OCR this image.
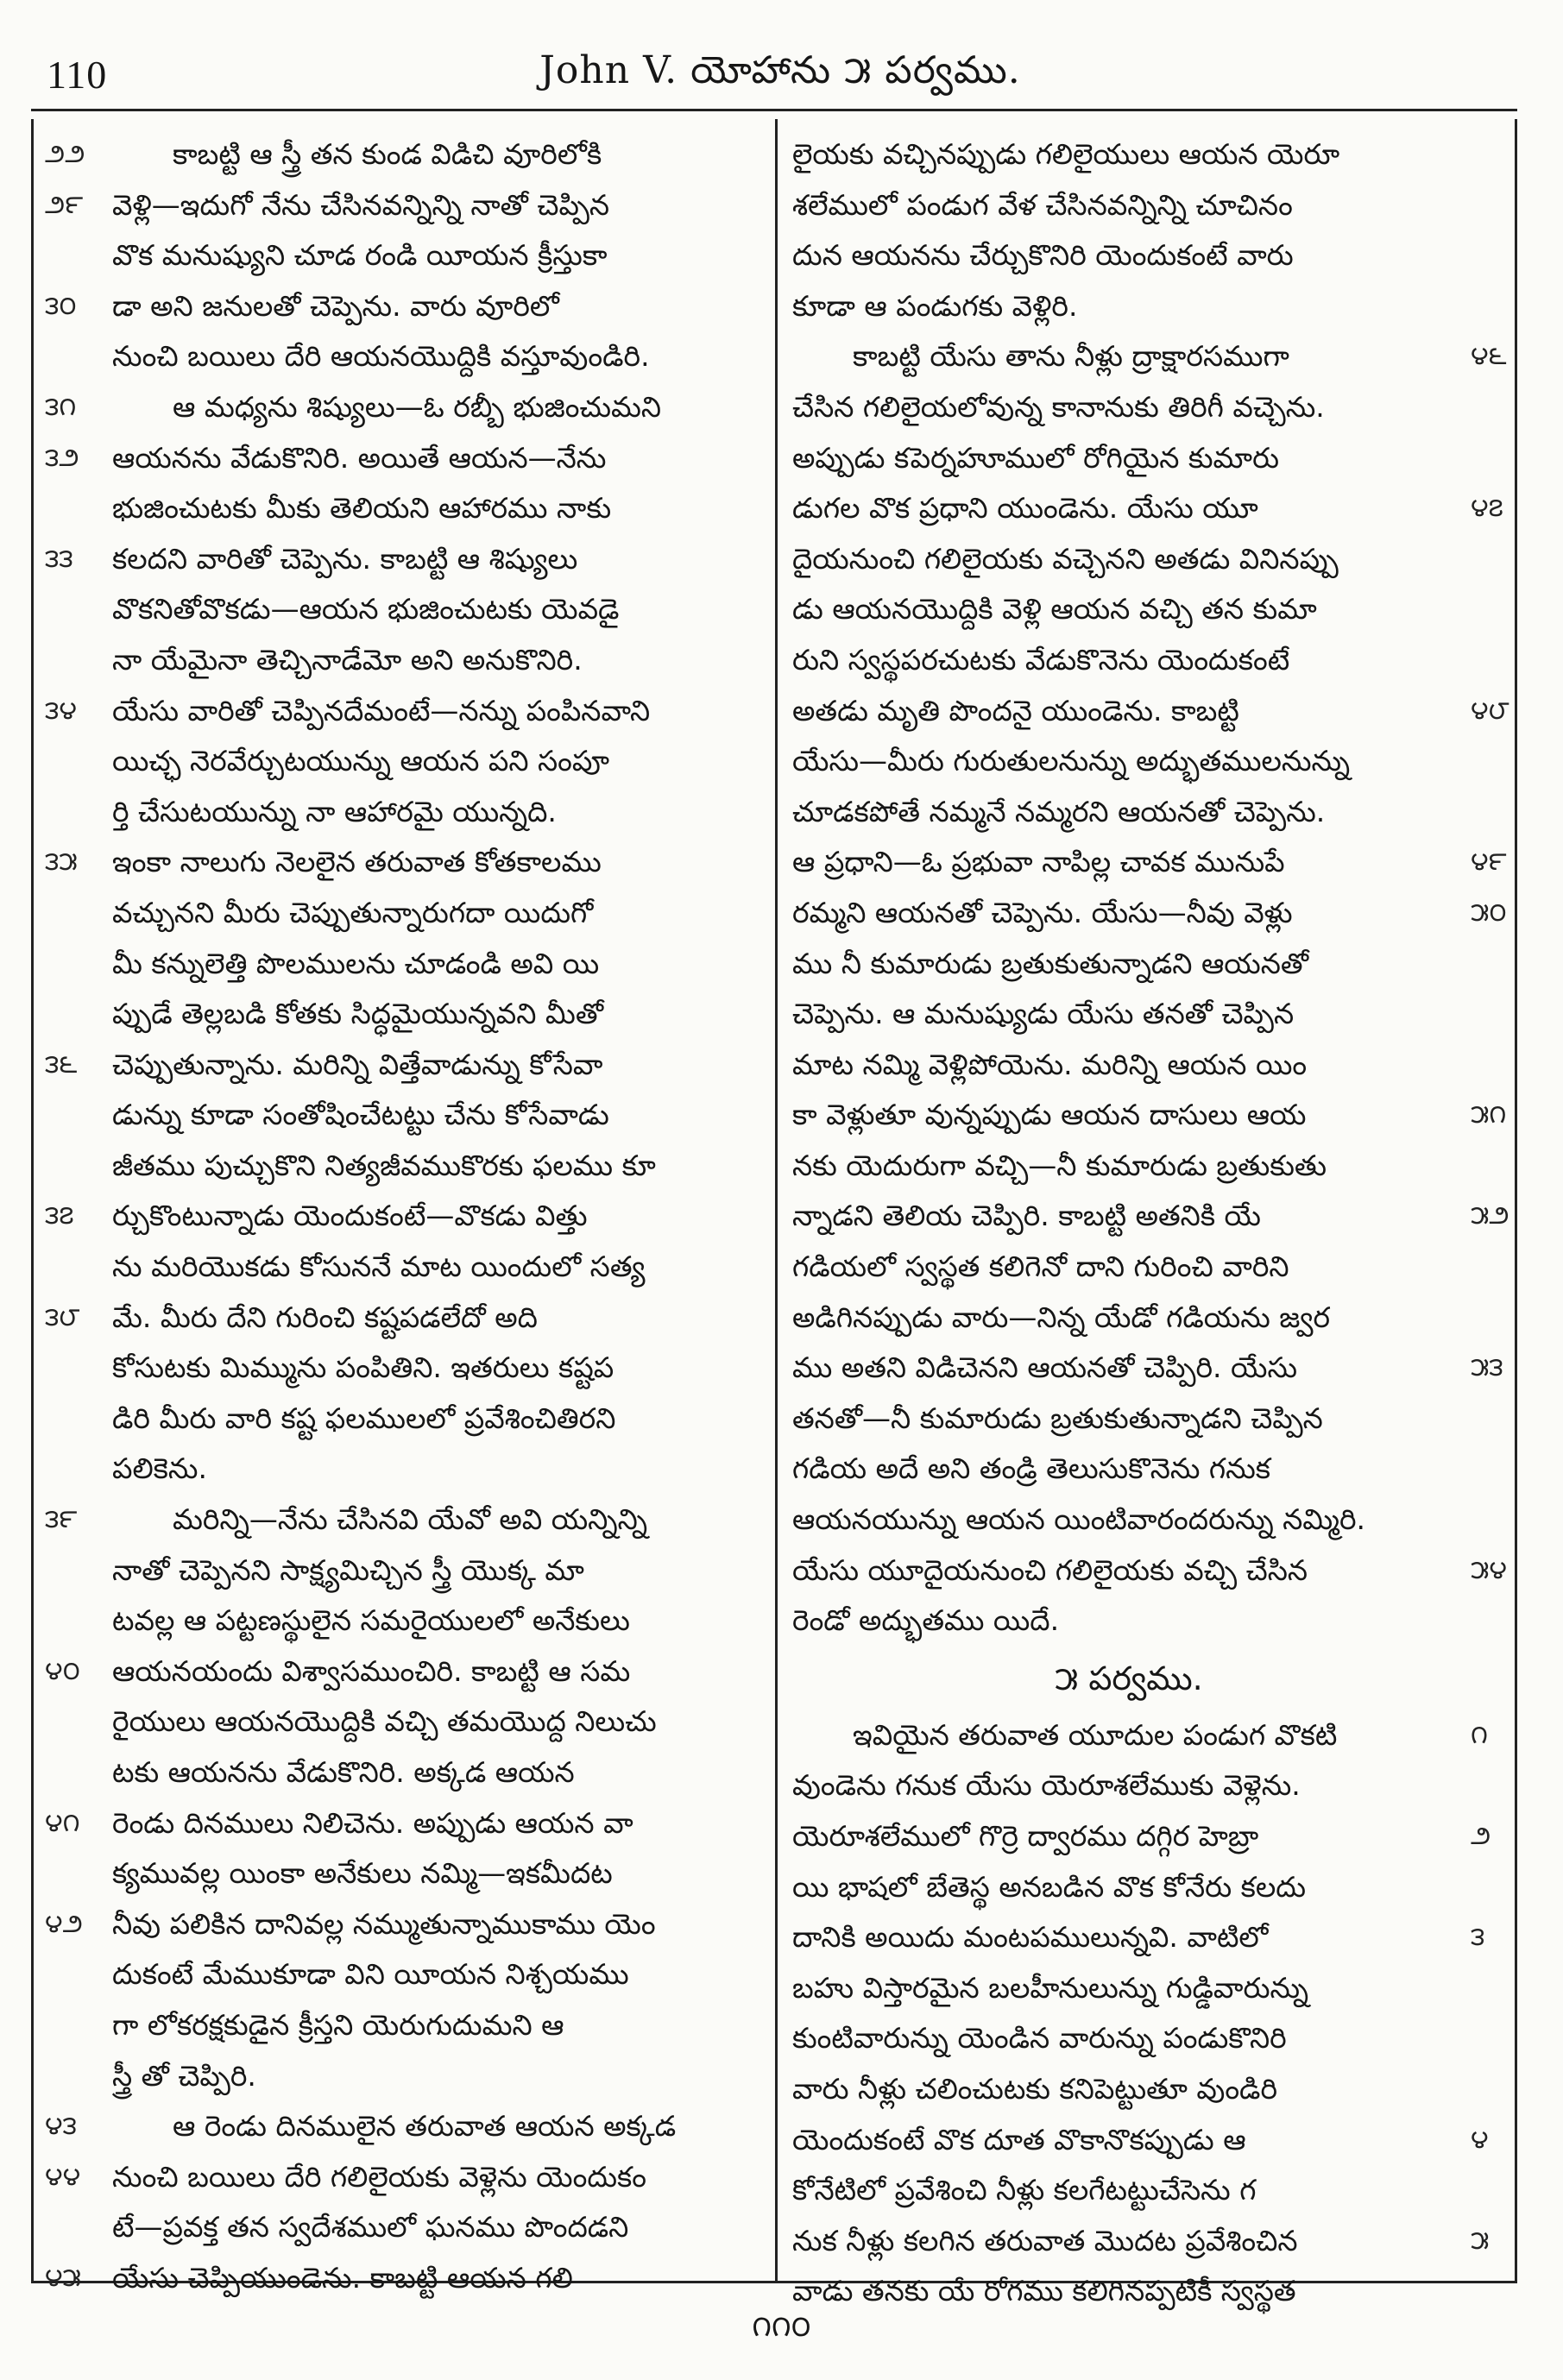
110	John V. యోహాను ౫ పర్వము.
౨౨	కాబట్టి ఆ స్త్రీ తన కుండ విడిచి వూరిలోకి
౨౯	వెళ్లి—ఇదుగో నేను చేసినవన్నిన్ని నాతో చెప్పిన
వొక మనుష్యుని చూడ రండి యీయన క్రీస్తుకా
౩౦	డా అని జనులతో చెప్పెను. వారు వూరిలో
నుంచి బయిలు దేరి ఆయనయొద్దికి వస్తూవుండిరి.
౩౧	ఆ మధ్యను శిష్యులు—ఓ రబ్బీ భుజించుమని
౩౨	ఆయనను వేడుకొనిరి. అయితే ఆయన—నేను
భుజించుటకు మీకు తెలియని ఆహారము నాకు
౩౩	కలదని వారితో చెప్పెను. కాబట్టి ఆ శిష్యులు
వొకనితోవొకడు—ఆయన భుజించుటకు యెవడై
నా యేమైనా తెచ్చినాడేమో అని అనుకొనిరి.
౩౪	యేసు వారితో చెప్పినదేమంటే—నన్ను పంపినవాని
యిచ్ఛ నెరవేర్చుటయున్ను ఆయన పని సంపూ
ర్తి చేసుటయున్ను నా ఆహారమై యున్నది.
౩౫	ఇంకా నాలుగు నెలలైన తరువాత కోతకాలము
వచ్చునని మీరు చెప్పుతున్నారుగదా యిదుగో
మీ కన్నులెత్తి పొలములను చూడండి అవి యి
ప్పుడే తెల్లబడి కోతకు సిద్ధమైయున్నవని మీతో
౩౬	చెప్పుతున్నాను. మరిన్ని విత్తేవాడున్ను కోసేవా
డున్ను కూడా సంతోషించేటట్టు చేను కోసేవాడు
జీతము పుచ్చుకొని నిత్యజీవముకొరకు ఫలము కూ
౩౭	ర్చుకొంటున్నాడు యెందుకంటే—వొకడు విత్తు
ను మరియొకడు కోసుననే మాట యిందులో సత్య
౩౮	మే. మీరు దేని గురించి కష్టపడలేదో అది
కోసుటకు మిమ్మును పంపితిని. ఇతరులు కష్టప
డిరి మీరు వారి కష్ట ఫలములలో ప్రవేశించితిరని
పలికెను.
౩౯	మరిన్ని—నేను చేసినవి యేవో అవి యన్నిన్ని
నాతో చెప్పెనని సాక్ష్యమిచ్చిన స్త్రీ యొక్క మా
టవల్ల ఆ పట్టణస్థులైన సమరైయులలో అనేకులు
౪౦	ఆయనయందు విశ్వాసముంచిరి. కాబట్టి ఆ సమ
రైయులు ఆయనయొద్దికి వచ్చి తమయొద్ద నిలుచు
టకు ఆయనను వేడుకొనిరి. అక్కడ ఆయన
౪౧	రెండు దినములు నిలిచెను. అప్పుడు ఆయన వా
క్యమువల్ల యింకా అనేకులు నమ్మి—ఇకమీదట
౪౨	నీవు పలికిన దానివల్ల నమ్ముతున్నాముకాము యెం
దుకంటే మేముకూడా విని యీయన నిశ్చయము
గా లోకరక్షకుడైన క్రీస్తని యెరుగుదుమని ఆ
స్త్రీ తో చెప్పిరి.
౪౩	ఆ రెండు దినములైన తరువాత ఆయన అక్కడ
౪౪	నుంచి బయిలు దేరి గలిలైయకు వెళ్లెను యెందుకం
టే—ప్రవక్త తన స్వదేశములో ఘనము పొందడని
౪౫	యేసు చెప్పియుండెను. కాబట్టి ఆయన గలి
లైయకు వచ్చినప్పుడు గలిలైయులు ఆయన యెరూ
శలేములో పండుగ వేళ చేసినవన్నిన్ని చూచినం
దున ఆయనను చేర్చుకొనిరి యెందుకంటే వారు
కూడా ఆ పండుగకు వెళ్లిరి.
కాబట్టి యేసు తాను నీళ్లు ద్రాక్షారసముగా	౪౬
చేసిన గలిలైయలోవున్న కానానుకు తిరిగీ వచ్చెను.
అప్పుడు కపెర్నహూములో రోగియైన కుమారు
డుగల వొక ప్రధాని యుండెను. యేసు యూ	౪౭
దైయనుంచి గలిలైయకు వచ్చెనని అతడు వినినప్పు
డు ఆయనయొద్దికి వెళ్లి ఆయన వచ్చి తన కుమా
రుని స్వస్థపరచుటకు వేడుకొనెను యెందుకంటే
అతడు మృతి పొందనై యుండెను. కాబట్టి	౪౮
యేసు—మీరు గురుతులనున్ను అద్భుతములనున్ను
చూడకపోతే నమ్మనే నమ్మరని ఆయనతో చెప్పెను.
ఆ ప్రధాని—ఓ ప్రభువా నాపిల్ల చావక మునుపే	౪౯
రమ్మని ఆయనతో చెప్పెను. యేసు—నీవు వెళ్లు	౫౦
ము నీ కుమారుడు బ్రతుకుతున్నాడని ఆయనతో
చెప్పెను. ఆ మనుష్యుడు యేసు తనతో చెప్పిన
మాట నమ్మి వెళ్లిపోయెను. మరిన్ని ఆయన యిం
కా వెళ్లుతూ వున్నప్పుడు ఆయన దాసులు ఆయ	౫౧
నకు యెదురుగా వచ్చి—నీ కుమారుడు బ్రతుకుతు
న్నాడని తెలియ చెప్పిరి. కాబట్టి అతనికి యే	౫౨
గడియలో స్వస్థత కలిగెనో దాని గురించి వారిని
అడిగినప్పుడు వారు—నిన్న యేడో గడియను జ్వర
ము అతని విడిచెనని ఆయనతో చెప్పిరి. యేసు	౫౩
తనతో—నీ కుమారుడు బ్రతుకుతున్నాడని చెప్పిన
గడియ అదే అని తండ్రి తెలుసుకొనెను గనుక
ఆయనయున్ను ఆయన యింటివారందరున్ను నమ్మిరి.
యేసు యూదైయనుంచి గలిలైయకు వచ్చి చేసిన	౫౪
రెండో అద్భుతము యిదే.
౫ పర్వము.
ఇవియైన తరువాత యూదుల పండుగ వొకటి	౧
వుండెను గనుక యేసు యెరూశలేముకు వెళ్లెను.
యెరూశలేములో గొర్రె ద్వారము దగ్గిర హెబ్రా	౨
యి భాషలో బేతెస్థ అనబడిన వొక కోనేరు కలదు
దానికి అయిదు మంటపములున్నవి. వాటిలో	౩
బహు విస్తారమైన బలహీనులున్ను గుడ్డివారున్ను
కుంటివారున్ను యెండిన వారున్ను పండుకొనిరి
వారు నీళ్లు చలించుటకు కనిపెట్టుతూ వుండిరి
యెందుకంటే వొక దూత వొకానొకప్పుడు ఆ	౪
కోనేటిలో ప్రవేశించి నీళ్లు కలగేటట్టుచేసెను గ
నుక నీళ్లు కలగిన తరువాత మొదట ప్రవేశించిన	౫
వాడు తనకు యే రోగము కలిగినప్పటికీ స్వస్థత
౧౧౦
